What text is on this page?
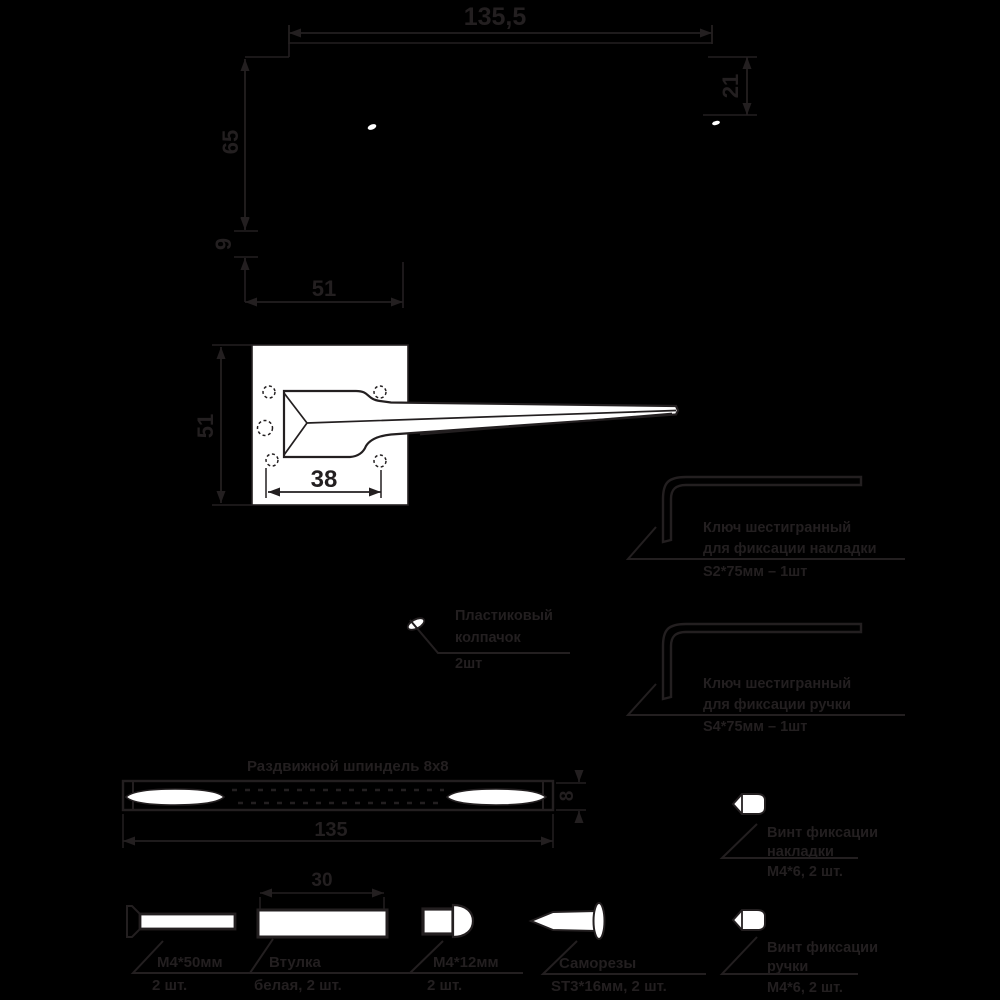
135,5
21
65
9
51
51
38
Пластиковый
колпачок
2шт
Ключ шестигранный
для фиксации накладки
S2*75мм – 1шт
Ключ шестигранный
для фиксации ручки
S4*75мм – 1шт
Раздвижной шпиндель 8х8
8
135
М4*50мм
2 шт.
30
Втулка
белая, 2 шт.
М4*12мм
2 шт.
Саморезы
ST3*16мм, 2 шт.
Винт фиксации
накладки
М4*6, 2 шт.
Винт фиксации
ручки
М4*6, 2 шт.
